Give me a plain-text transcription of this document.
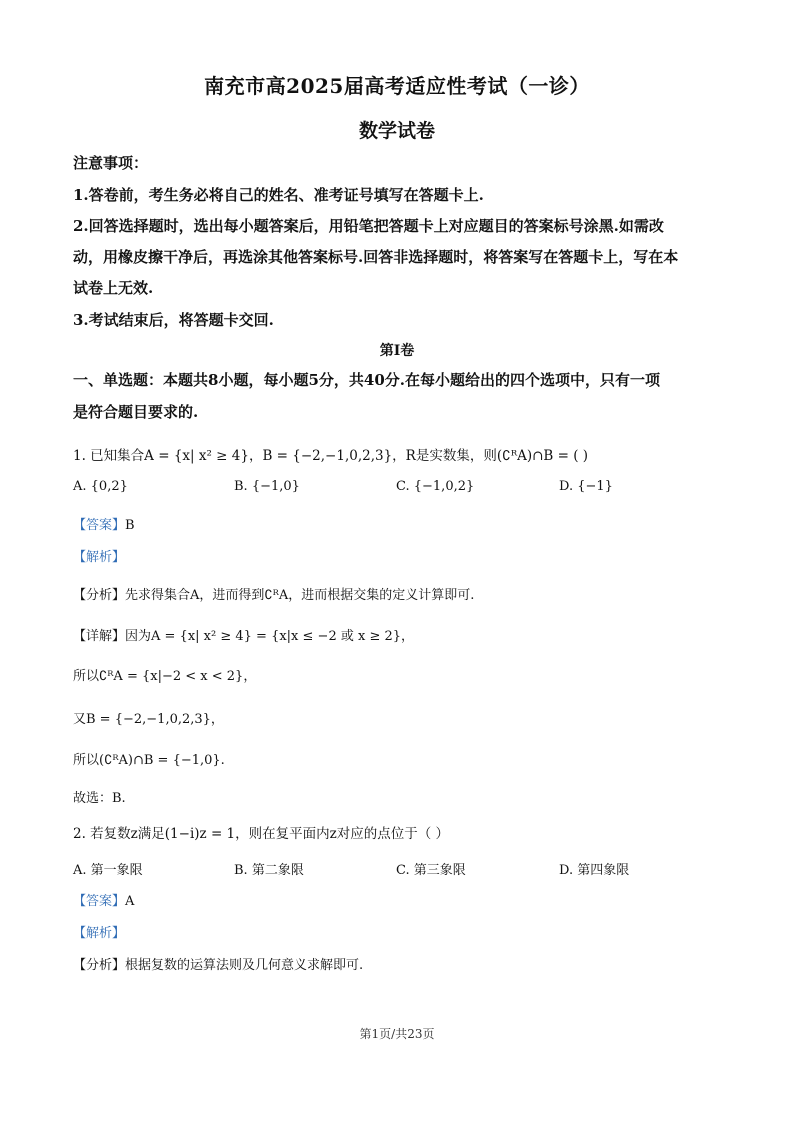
南充市高2025届高考适应性考试（一诊）
数学试卷
注意事项：
1.答卷前，考生务必将自己的姓名、准考证号填写在答题卡上.
2.回答选择题时，选出每小题答案后，用铅笔把答题卡上对应题目的答案标号涂黑.如需改
动，用橡皮擦干净后，再选涂其他答案标号.回答非选择题时，将答案写在答题卡上，写在本
试卷上无效.
3.考试结束后，将答题卡交回.
第I卷
一、单选题：本题共8小题，每小题5分，共40分.在每小题给出的四个选项中，只有一项
是符合题目要求的.
1. 已知集合A = {x| x² ≥ 4}，B = {−2,−1,0,2,3}，R是实数集，则(∁ᴿA)∩B = ( )
A. {0,2}	B. {−1,0}	C. {−1,0,2}	D. {−1}
【答案】B
【解析】
【分析】先求得集合A，进而得到∁ᴿA，进而根据交集的定义计算即可.
【详解】因为A = {x| x² ≥ 4} = {x|x ≤ −2 或 x ≥ 2}，
所以∁ᴿA = {x|−2 < x < 2}，
又B = {−2,−1,0,2,3}，
所以(∁ᴿA)∩B = {−1,0}.
故选：B.
2. 若复数z满足(1−i)z = 1，则在复平面内z对应的点位于（ ）
A. 第一象限	B. 第二象限	C. 第三象限	D. 第四象限
【答案】A
【解析】
【分析】根据复数的运算法则及几何意义求解即可.
第1页/共23页
